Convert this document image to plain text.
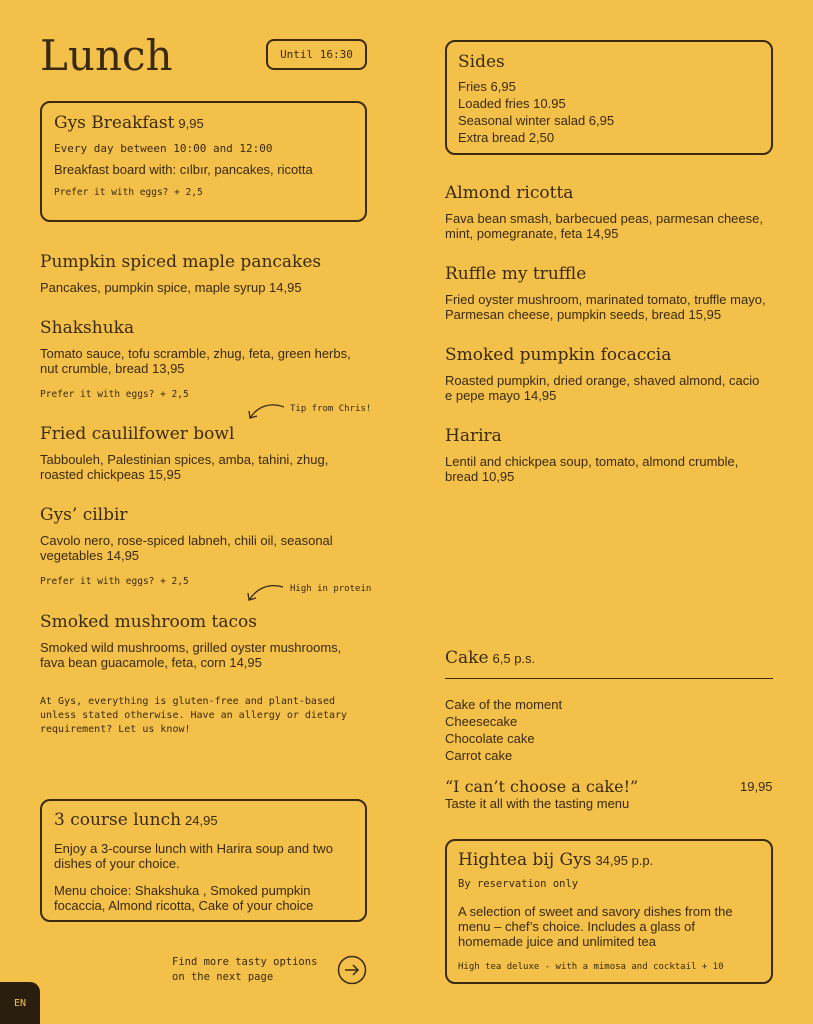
Lunch	Until 16:30
Gys Breakfast 9,95
Every day between 10:00 and 12:00
Breakfast board with: cılbır, pancakes, ricotta
Prefer it with eggs? + 2,5
Pumpkin spiced maple pancakes
Pancakes, pumpkin spice, maple syrup 14,95
Shakshuka
Tomato sauce, tofu scramble, zhug, feta, green herbs, nut crumble, bread 13,95
Prefer it with eggs? + 2,5
Tip from Chris!
Fried caulilfower bowl
Tabbouleh, Palestinian spices, amba, tahini, zhug, roasted chickpeas 15,95
Gys’ cilbir
Cavolo nero, rose-spiced labneh, chili oil, seasonal vegetables 14,95
Prefer it with eggs? + 2,5
High in protein
Smoked mushroom tacos
Smoked wild mushrooms, grilled oyster mushrooms, fava bean guacamole, feta, corn 14,95
At Gys, everything is gluten-free and plant-based unless stated otherwise. Have an allergy or dietary requirement? Let us know!
3 course lunch 24,95
Enjoy a 3-course lunch with Harira soup and two dishes of your choice.
Menu choice: Shakshuka , Smoked pumpkin focaccia, Almond ricotta, Cake of your choice
Find more tasty options
on the next page
EN
Sides
Fries 6,95
Loaded fries 10.95
Seasonal winter salad 6,95
Extra bread 2,50
Almond ricotta
Fava bean smash, barbecued peas, parmesan cheese, mint, pomegranate, feta 14,95
Ruffle my truffle
Fried oyster mushroom, marinated tomato, truffle mayo, Parmesan cheese, pumpkin seeds, bread 15,95
Smoked pumpkin focaccia
Roasted pumpkin, dried orange, shaved almond, cacio e pepe mayo 14,95
Harira
Lentil and chickpea soup, tomato, almond crumble, bread 10,95
Cake 6,5 p.s.
Cake of the moment
Cheesecake
Chocolate cake
Carrot cake
“I can’t choose a cake!”	19,95
Taste it all with the tasting menu
Hightea bij Gys 34,95 p.p.
By reservation only
A selection of sweet and savory dishes from the menu – chef’s choice. Includes a glass of homemade juice and unlimited tea
High tea deluxe - with a mimosa and cocktail + 10
